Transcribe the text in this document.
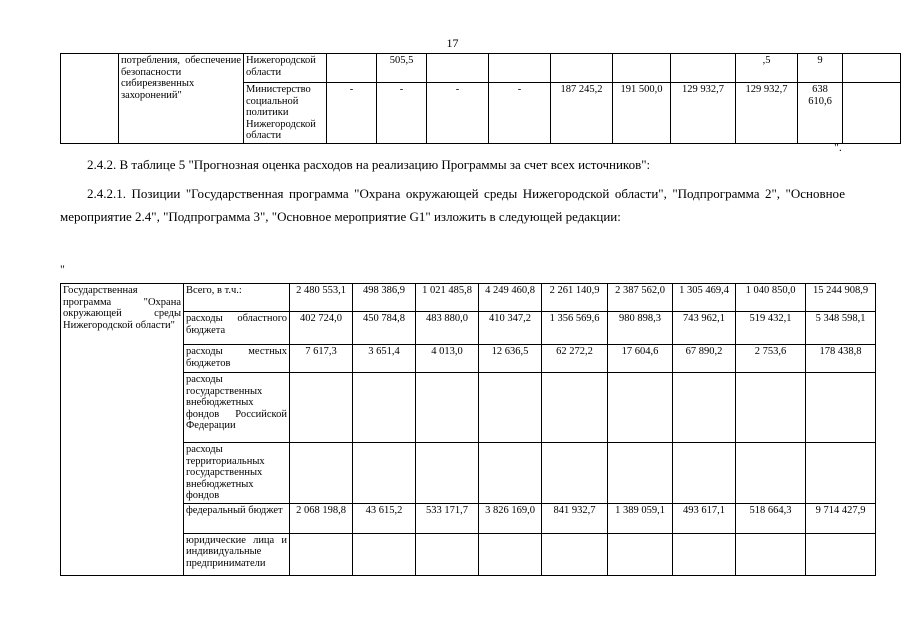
17
	потребления, обеспечение безопасности сибиреязвенных захоронений"	Нижегородской области		505,5						,5	9	
		Министерство социальной политики Нижегородской области	-	-	-	-	187 245,2	191 500,0	129 932,7	129 932,7	638 610,6	
".
2.4.2. В таблице 5 "Прогнозная оценка расходов на реализацию Программы за счет всех источников":
2.4.2.1. Позиции "Государственная программа "Охрана окружающей среды Нижегородской области", "Подпрограмма 2", "Основное мероприятие 2.4", "Подпрограмма 3", "Основное мероприятие G1" изложить в следующей редакции:
"
Государственная программа "Охрана окружающей среды Нижегородской области"	Всего, в т.ч.:	2 480 553,1	498 386,9	1 021 485,8	4 249 460,8	2 261 140,9	2 387 562,0	1 305 469,4	1 040 850,0	15 244 908,9
	расходы областного бюджета	402 724,0	450 784,8	483 880,0	410 347,2	1 356 569,6	980 898,3	743 962,1	519 432,1	5 348 598,1
	расходы местных бюджетов	7 617,3	3 651,4	4 013,0	12 636,5	62 272,2	17 604,6	67 890,2	2 753,6	178 438,8
	расходы государственных внебюджетных фондов Российской Федерации									
	расходы территориальных государственных внебюджетных фондов									
	федеральный бюджет	2 068 198,8	43 615,2	533 171,7	3 826 169,0	841 932,7	1 389 059,1	493 617,1	518 664,3	9 714 427,9
	юридические лица и индивидуальные предприниматели									
